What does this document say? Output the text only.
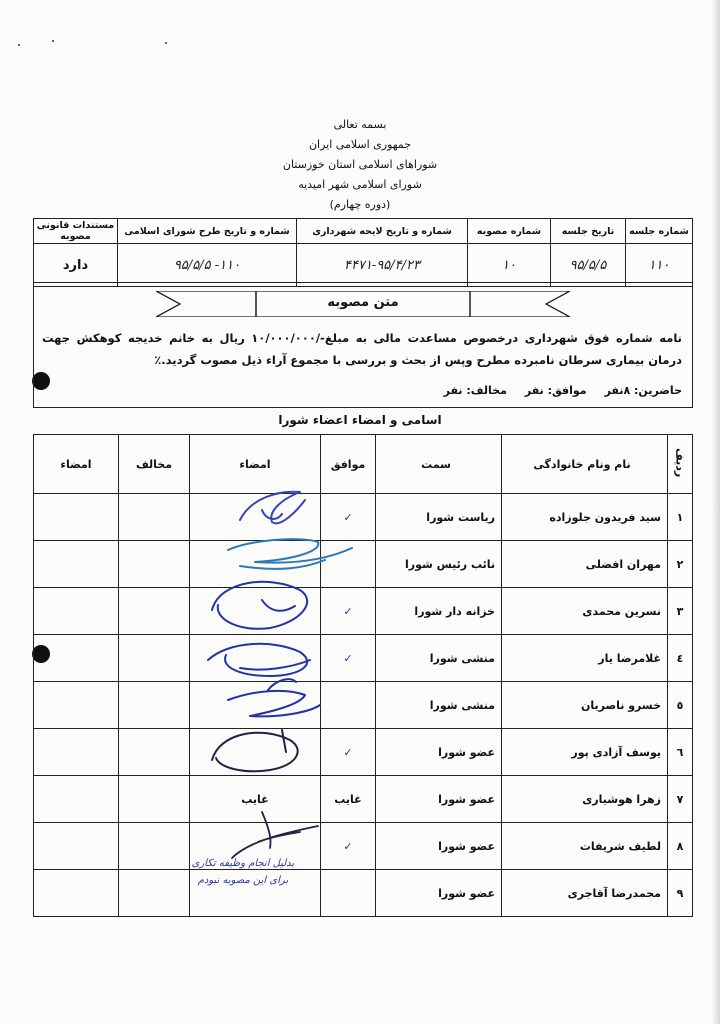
بسمه تعالی
جمهوری اسلامی ایران
شوراهای اسلامی استان خوزستان
شورای اسلامی شهر امیدیه
(دوره چهارم)
شماره جلسه	تاریخ جلسه	شماره مصوبه	شماره و تاریخ لایحه شهرداری	شماره و تاریخ طرح شورای اسلامی	مستندات قانونی مصوبه
۱۱۰	۹۵/۵/۵	۱۰	۴۴۷۱-۹۵/۴/۲۳	۱۱۰- ۹۵/۵/۵	دارد
متن مصوبه
نامه شماره فوق شهرداری درخصوص مساعدت مالی به مبلغ-/۱۰/۰۰۰/۰۰۰ ریال به خانم خدیجه کوهکش جهت درمان بیماری سرطان نامبرده مطرح وپس از بحث و بررسی با مجموع آراء ذیل مصوب گردید.٪
حاضرین: ۸نفر
موافق: نفر
مخالف: نفر
اسامی و امضاء اعضاء شورا
ردیف	نام ونام خانوادگی	سمت	موافق	امضاء	مخالف	امضاء
۱	سید فریدون جلوزاده	ریاست شورا	✓			
۲	مهران افضلی	نائب رئیس شورا				
۳	نسرین محمدی	خزانه دار شورا	✓			
٤	غلامرضا یار	منشی شورا	✓			
٥	خسرو ناصریان	منشی شورا				
٦	یوسف آزادی پور	عضو شورا	✓			
۷	زهرا هوشیاری	عضو شورا	غایب	غایب		
۸	لطیف شریفات	عضو شورا	✓			
۹	محمدرضا آقاجری	عضو شورا				
بدلیل انجام وظیفه تکاری برای این مصوبه نبودم
